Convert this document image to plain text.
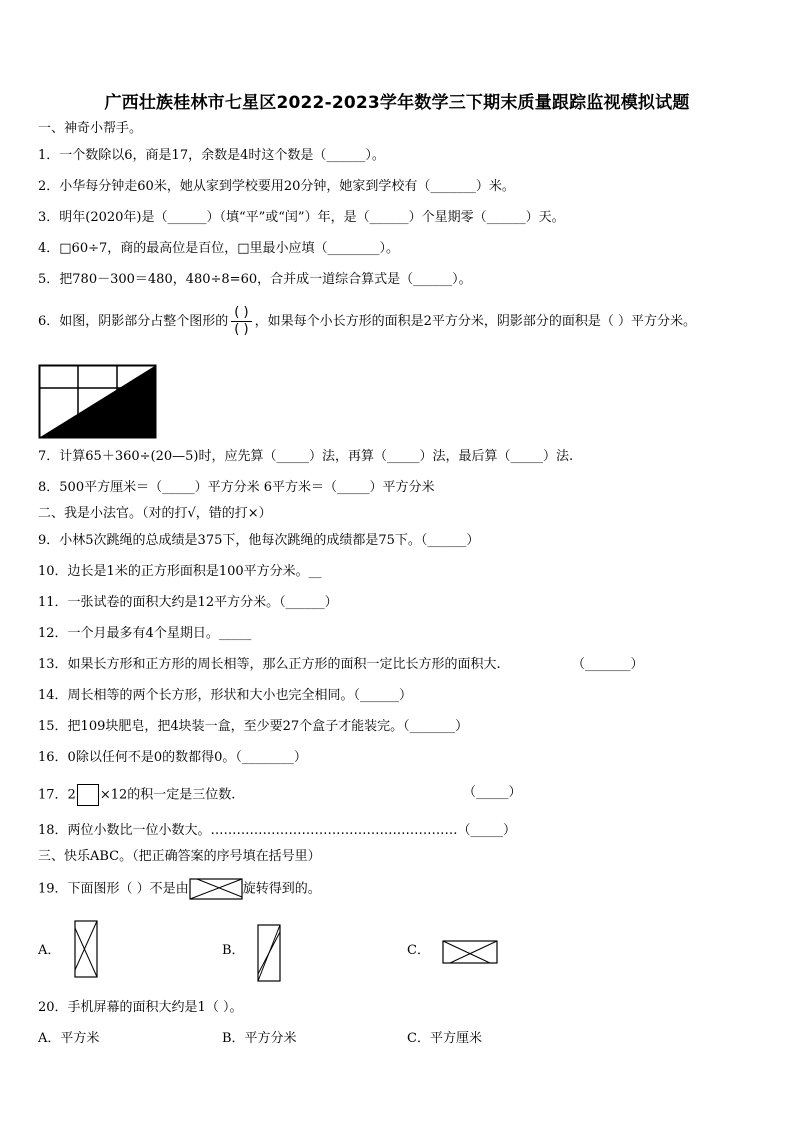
广西壮族桂林市七星区2022-2023学年数学三下期末质量跟踪监视模拟试题
一、神奇小帮手。
1．一个数除以6，商是17，余数是4时这个数是（______）。
2．小华每分钟走60米，她从家到学校要用20分钟，她家到学校有（_______）米。
3．明年(2020年)是（______）（填“平”或“闰”）年，是（______）个星期零（______）天。
4．□60÷7，商的最高位是百位，□里最小应填（________）。
5．把780－300＝480，480÷8=60，合并成一道综合算式是（______）。
6．如图，阴影部分占整个图形的 $\frac{( )}{( )}$ ，如果每个小长方形的面积是2平方分米，阴影部分的面积是（ ）平方分米。
7．计算65＋360÷(20—5)时，应先算（_____）法，再算（_____）法，最后算（_____）法.
8．500平方厘米＝（_____）平方分米 6平方米＝（_____）平方分米
二、我是小法官。（对的打√，错的打×）
9．小林5次跳绳的总成绩是375下，他每次跳绳的成绩都是75下。（______）
10．边长是1米的正方形面积是100平方分米。__
11．一张试卷的面积大约是12平方分米。（______）
12．一个月最多有4个星期日。_____
13．如果长方形和正方形的周长相等，那么正方形的面积一定比长方形的面积大.	（_______）
14．周长相等的两个长方形，形状和大小也完全相同。（______）
15．把109块肥皂，把4块装一盒，至少要27个盒子才能装完。（_______）
16．0除以任何不是0的数都得0。（________）
17．2 ×12的积一定是三位数.	（_____）
18．两位小数比一位小数大。…………………………………………………（_____）
三、快乐ABC。（把正确答案的序号填在括号里）
19．下面图形（ ）不是由	旋转得到的。
A．	B．	C．
20．手机屏幕的面积大约是1（ ）。
A．平方米	B．平方分米	C．平方厘米
